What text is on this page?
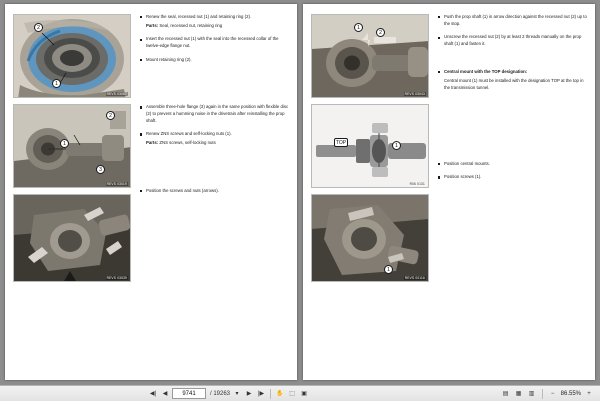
2
1
REVS 03087
2
1
3
REVS 03019
REVS 03039
Renew the seal, recessed nut (1) and retaining ring (2).
Parts: Seal, recessed nut, retaining ring
Insert the recessed nut (1) with the seal into the recessed collar of the twelve-edge flange nut.
Mount retaining ring (2).
Assemble three-hole flange (3) again in the same position with flexible disc (2) to prevent a humming noise in the drivetrain after reinstalling the prop shaft.
Renew ZNS screws and self-locking nuts (1).
Parts: ZNS screws, self-locking nuts
Position the screws and nuts (arrows).
1
2
REVS 03043
TOP	1
R06 0131
1
REVS 00116
Push the prop shaft (1) in arrow direction against the recessed nut (2) up to the stop.
Unscrew the recessed nut (2) by at least 2 threads manually on the prop shaft (1) and fasten it.
Central mount with the TOP designation:
Central mount (1) must be installed with the designation TOP at the top in the transmission tunnel.
Position central mounts.
Position screws (1).
◀|	◀	9741	/ 19263 ▾	▶	|▶	✋ ⬚	▣	▤	▦	▥	−	86.55%	+
